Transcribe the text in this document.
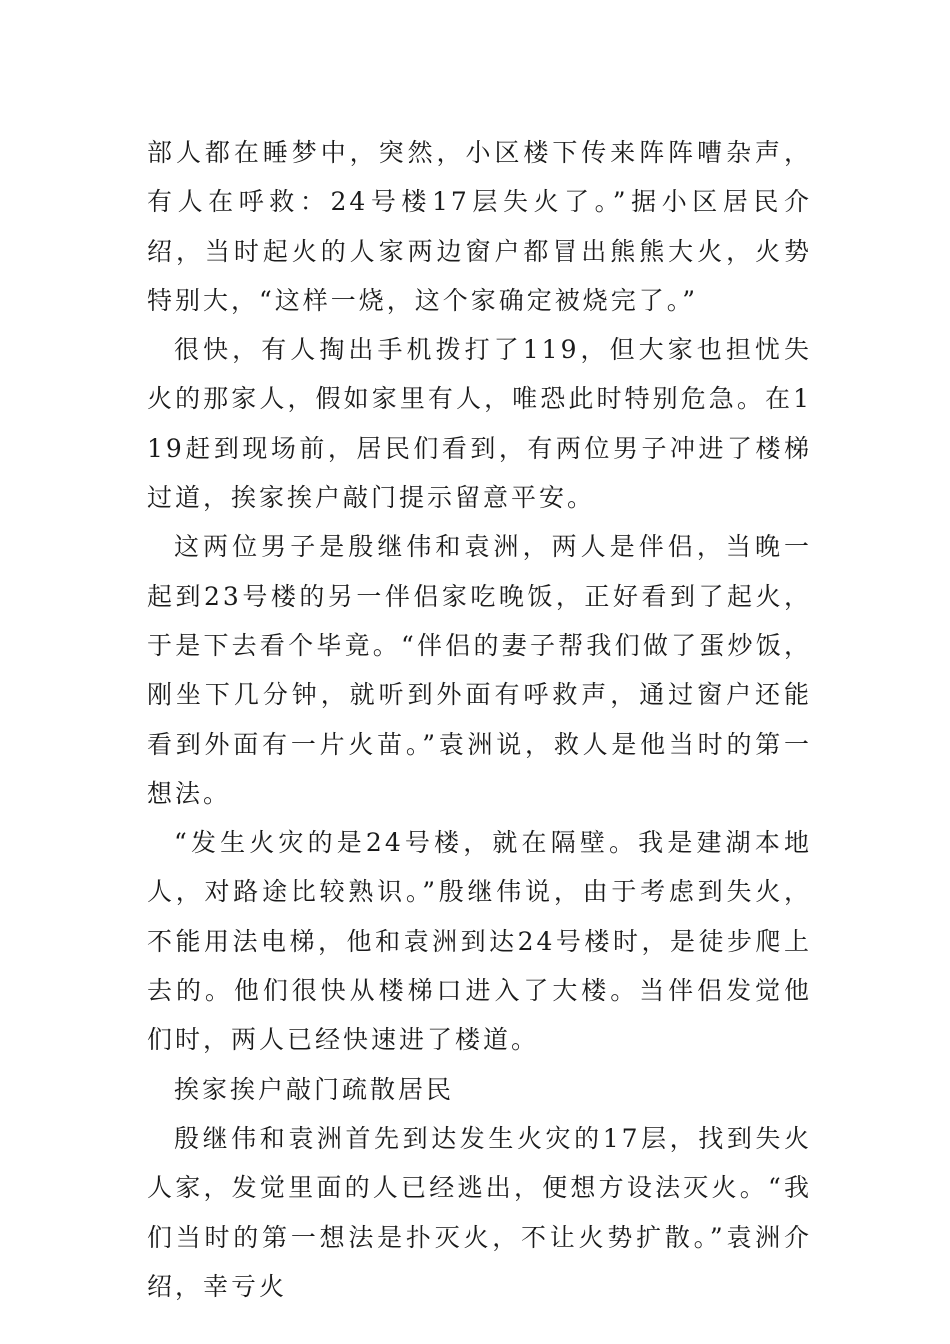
部人都在睡梦中，突然，小区楼下传来阵阵嘈杂声，有人在呼救：24号楼17层失火了。”据小区居民介绍，当时起火的人家两边窗户都冒出熊熊大火，火势特别大，“这样一烧，这个家确定被烧完了。”

很快，有人掏出手机拨打了119，但大家也担忧失火的那家人，假如家里有人，唯恐此时特别危急。在119赶到现场前，居民们看到，有两位男子冲进了楼梯过道，挨家挨户敲门提示留意平安。

这两位男子是殷继伟和袁洲，两人是伴侣，当晚一起到23号楼的另一伴侣家吃晚饭，正好看到了起火，于是下去看个毕竟。“伴侣的妻子帮我们做了蛋炒饭，刚坐下几分钟，就听到外面有呼救声，通过窗户还能看到外面有一片火苗。”袁洲说，救人是他当时的第一想法。

“发生火灾的是24号楼，就在隔壁。我是建湖本地人，对路途比较熟识。”殷继伟说，由于考虑到失火，不能用法电梯，他和袁洲到达24号楼时，是徒步爬上去的。他们很快从楼梯口进入了大楼。当伴侣发觉他们时，两人已经快速进了楼道。

挨家挨户敲门疏散居民

殷继伟和袁洲首先到达发生火灾的17层，找到失火人家，发觉里面的人已经逃出，便想方设法灭火。“我们当时的第一想法是扑灭火，不让火势扩散。”袁洲介绍，幸亏火
